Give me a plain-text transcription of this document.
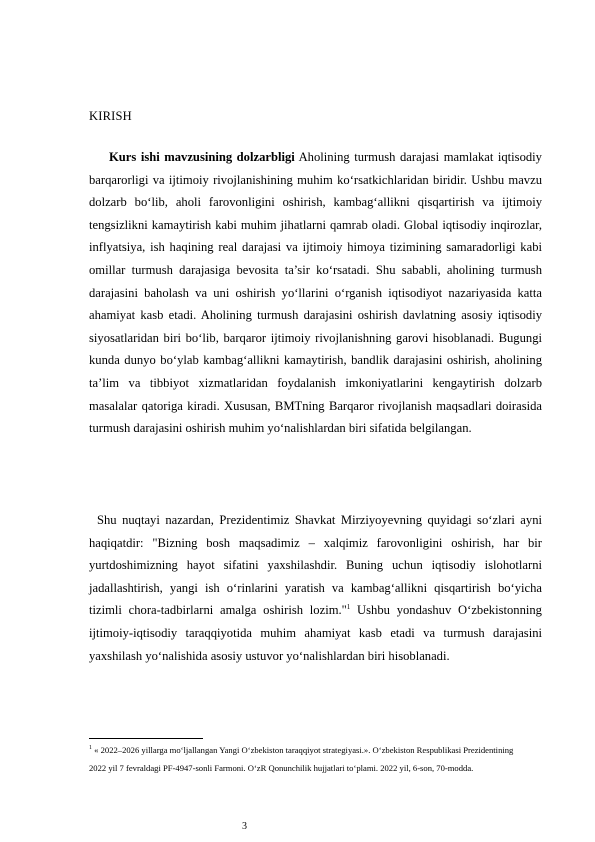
KIRISH

Kurs ishi mavzusining dolzarbligi Aholining turmush darajasi mamlakat iqtisodiy barqarorligi va ijtimoiy rivojlanishining muhim ko‘rsatkichlaridan biridir. Ushbu mavzu dolzarb bo‘lib, aholi farovonligini oshirish, kambag‘allikni qisqartirish va ijtimoiy tengsizlikni kamaytirish kabi muhim jihatlarni qamrab oladi. Global iqtisodiy inqirozlar, inflyatsiya, ish haqining real darajasi va ijtimoiy himoya tizimining samaradorligi kabi omillar turmush darajasiga bevosita ta’sir ko‘rsatadi. Shu sababli, aholining turmush darajasini baholash va uni oshirish yo‘llarini o‘rganish iqtisodiyot nazariyasida katta ahamiyat kasb etadi. Aholining turmush darajasini oshirish davlatning asosiy iqtisodiy siyosatlaridan biri bo‘lib, barqaror ijtimoiy rivojlanishning garovi hisoblanadi. Bugungi kunda dunyo bo‘ylab kambag‘allikni kamaytirish, bandlik darajasini oshirish, aholining ta’lim va tibbiyot xizmatlaridan foydalanish imkoniyatlarini kengaytirish dolzarb masalalar qatoriga kiradi. Xususan, BMTning Barqaror rivojlanish maqsadlari doirasida turmush darajasini oshirish muhim yo‘nalishlardan biri sifatida belgilangan.

Shu nuqtayi nazardan, Prezidentimiz Shavkat Mirziyoyevning quyidagi so‘zlari ayni haqiqatdir: "Bizning bosh maqsadimiz – xalqimiz farovonligini oshirish, har bir yurtdoshimizning hayot sifatini yaxshilashdir. Buning uchun iqtisodiy islohotlarni jadallashtirish, yangi ish o‘rinlarini yaratish va kambag‘allikni qisqartirish bo‘yicha tizimli chora-tadbirlarni amalga oshirish lozim."$^1$ Ushbu yondashuv O‘zbekistonning ijtimoiy-iqtisodiy taraqqiyotida muhim ahamiyat kasb etadi va turmush darajasini yaxshilash yo‘nalishida asosiy ustuvor yo‘nalishlardan biri hisoblanadi.

$^1$ « 2022–2026 yillarga mo‘ljallangan Yangi O‘zbekiston taraqqiyot strategiyasi.». O‘zbekiston Respublikasi Prezidentining 2022 yil 7 fevraldagi PF-4947-sonli Farmoni. O‘zR Qonunchilik hujjatlari to‘plami. 2022 yil, 6-son, 70-modda.

3
